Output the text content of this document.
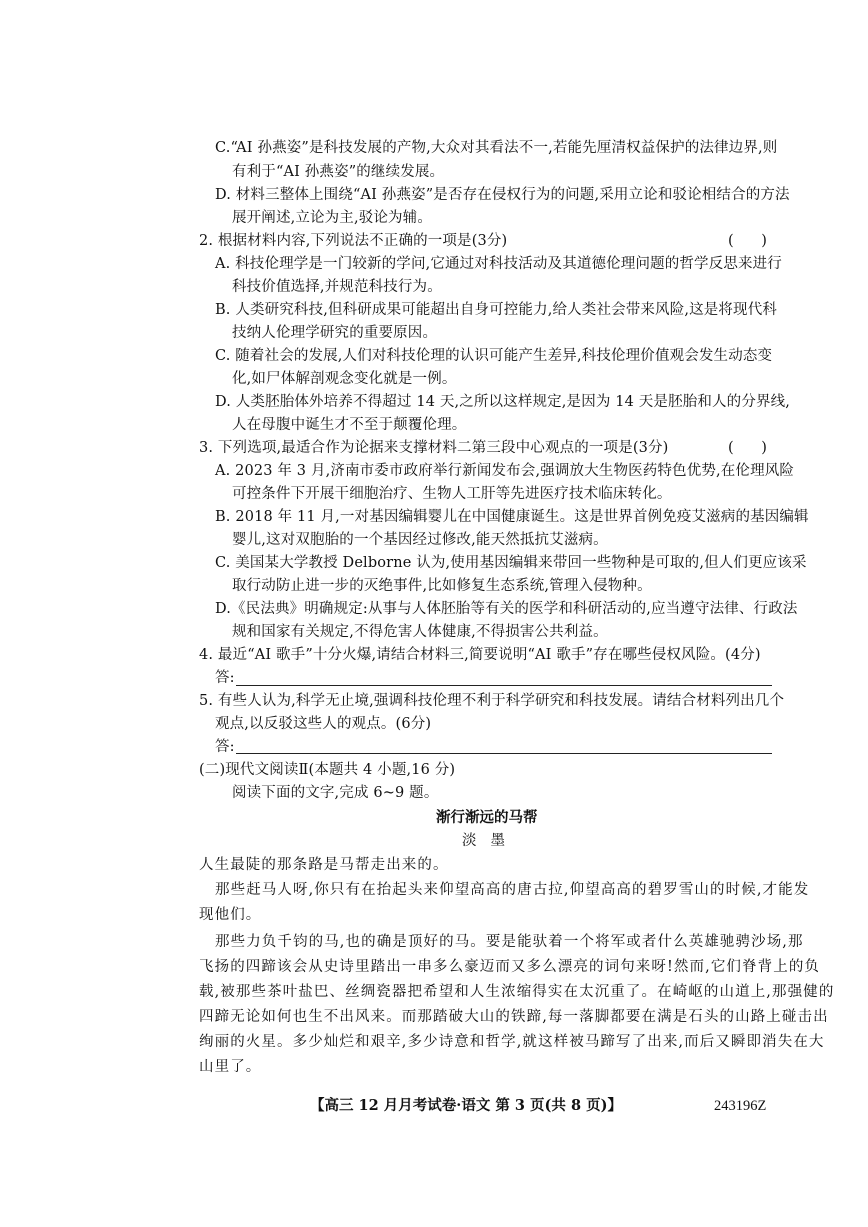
C.“AI 孙燕姿”是科技发展的产物,大众对其看法不一,若能先厘清权益保护的法律边界,则
有利于“AI 孙燕姿”的继续发展。
D. 材料三整体上围绕“AI 孙燕姿”是否存在侵权行为的问题,采用立论和驳论相结合的方法
展开阐述,立论为主,驳论为辅。
2. 根据材料内容,下列说法不正确的一项是(3分)	(      )
A. 科技伦理学是一门较新的学问,它通过对科技活动及其道德伦理问题的哲学反思来进行
科技价值选择,并规范科技行为。
B. 人类研究科技,但科研成果可能超出自身可控能力,给人类社会带来风险,这是将现代科
技纳人伦理学研究的重要原因。
C. 随着社会的发展,人们对科技伦理的认识可能产生差异,科技伦理价值观会发生动态变
化,如尸体解剖观念变化就是一例。
D. 人类胚胎体外培养不得超过 14 天,之所以这样规定,是因为 14 天是胚胎和人的分界线,
人在母腹中诞生才不至于颠覆伦理。
3. 下列选项,最适合作为论据来支撑材料二第三段中心观点的一项是(3分)	(      )
A. 2023 年 3 月,济南市委市政府举行新闻发布会,强调放大生物医药特色优势,在伦理风险
可控条件下开展干细胞治疗、生物人工肝等先进医疗技术临床转化。
B. 2018 年 11 月,一对基因编辑婴儿在中国健康诞生。这是世界首例免疫艾滋病的基因编辑
婴儿,这对双胞胎的一个基因经过修改,能天然抵抗艾滋病。
C. 美国某大学教授 Delborne 认为,使用基因编辑来带回一些物种是可取的,但人们更应该采
取行动防止进一步的灭绝事件,比如修复生态系统,管理入侵物种。
D.《民法典》明确规定:从事与人体胚胎等有关的医学和科研活动的,应当遵守法律、行政法
规和国家有关规定,不得危害人体健康,不得损害公共利益。
4. 最近“AI 歌手”十分火爆,请结合材料三,简要说明“AI 歌手”存在哪些侵权风险。(4分)
答:
5. 有些人认为,科学无止境,强调科技伦理不利于科学研究和科技发展。请结合材料列出几个
观点,以反驳这些人的观点。(6分)
答:
(二)现代文阅读Ⅱ(本题共 4 小题,16 分)
阅读下面的文字,完成 6~9 题。
渐行渐远的马帮
淡墨
人生最陡的那条路是马帮走出来的。
那些赶马人呀,你只有在抬起头来仰望高高的唐古拉,仰望高高的碧罗雪山的时候,才能发
现他们。
那些力负千钧的马,也的确是顶好的马。要是能驮着一个将军或者什么英雄驰骋沙场,那
飞扬的四蹄该会从史诗里踏出一串多么豪迈而又多么漂亮的词句来呀!然而,它们脊背上的负
载,被那些茶叶盐巴、丝绸瓷器把希望和人生浓缩得实在太沉重了。在崎岖的山道上,那强健的
四蹄无论如何也生不出风来。而那踏破大山的铁蹄,每一落脚都要在满是石头的山路上碰击出
绚丽的火星。多少灿烂和艰辛,多少诗意和哲学,就这样被马蹄写了出来,而后又瞬即消失在大
山里了。
【高三 12 月月考试卷·语文 第 3 页(共 8 页)】	243196Z
